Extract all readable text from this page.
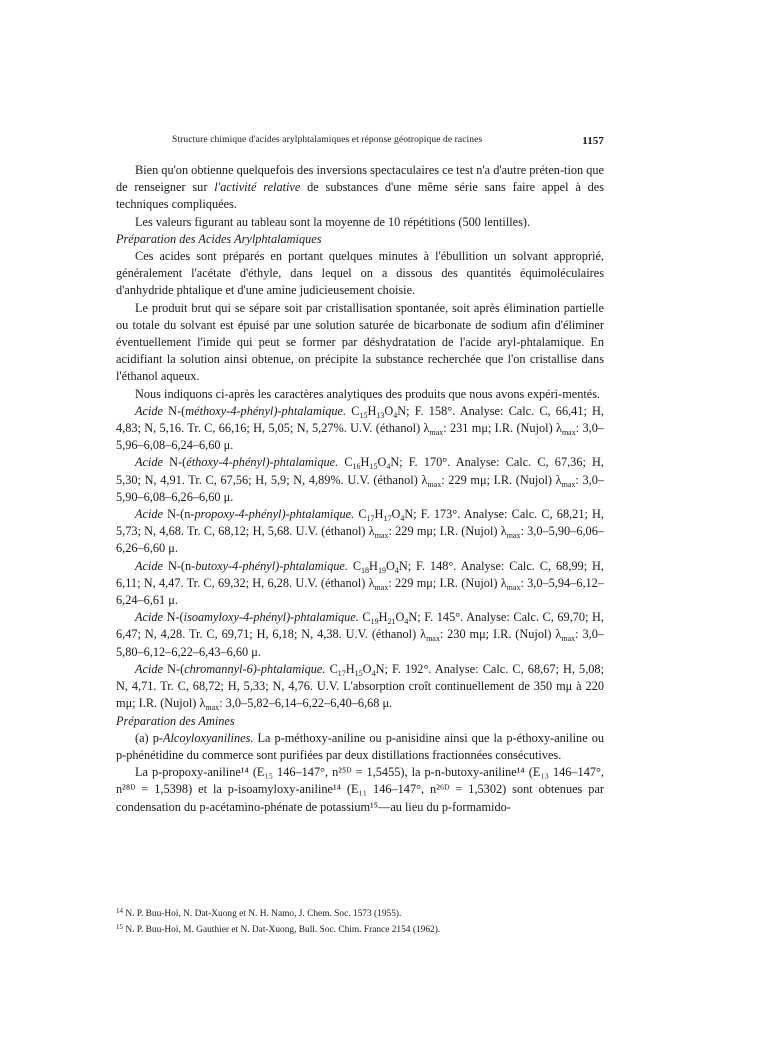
Structure chimique d'acides arylphtalamiques et réponse géotropique de racines	1157

Bien qu'on obtienne quelquefois des inversions spectaculaires ce test n'a d'autre préten-tion que de renseigner sur l'activité relative de substances d'une même série sans faire appel à des techniques compliquées.

Les valeurs figurant au tableau sont la moyenne de 10 répétitions (500 lentilles).

Préparation des Acides Arylphtalamiques

Ces acides sont préparés en portant quelques minutes à l'ébullition un solvant approprié, généralement l'acétate d'éthyle, dans lequel on a dissous des quantités équimoléculaires d'anhydride phtalique et d'une amine judicieusement choisie.

Le produit brut qui se sépare soit par cristallisation spontanée, soit après élimination partielle ou totale du solvant est épuisé par une solution saturée de bicarbonate de sodium afin d'éliminer éventuellement l'imide qui peut se former par déshydratation de l'acide aryl-phtalamique. En acidifiant la solution ainsi obtenue, on précipite la substance recherchée que l'on cristallise dans l'éthanol aqueux.

Nous indiquons ci-après les caractères analytiques des produits que nous avons expéri-mentés.

Acide N-(méthoxy-4-phényl)-phtalamique. $C_{15}H_{13}O_4N$; F. 158°. Analyse: Calc. C, 66,41; H, 4,83; N, 5,16. Tr. C, 66,16; H, 5,05; N, 5,27%. U.V. (éthanol) $\lambda_{max}$: 231 mμ; I.R. (Nujol) $\lambda_{max}$: 3,0–5,96–6,08–6,24–6,60 μ.

Acide N-(éthoxy-4-phényl)-phtalamique. $C_{16}H_{15}O_4N$; F. 170°. Analyse: Calc. C, 67,36; H, 5,30; N, 4,91. Tr. C, 67,56; H, 5,9; N, 4,89%. U.V. (éthanol) $\lambda_{max}$: 229 mμ; I.R. (Nujol) $\lambda_{max}$: 3,0–5,90–6,08–6,26–6,60 μ.

Acide N-(n-propoxy-4-phényl)-phtalamique. $C_{17}H_{17}O_4N$; F. 173°. Analyse: Calc. C, 68,21; H, 5,73; N, 4,68. Tr. C, 68,12; H, 5,68. U.V. (éthanol) $\lambda_{max}$: 229 mμ; I.R. (Nujol) $\lambda_{max}$: 3,0–5,90–6,06–6,26–6,60 μ.

Acide N-(n-butoxy-4-phényl)-phtalamique. $C_{18}H_{19}O_4N$; F. 148°. Analyse: Calc. C, 68,99; H, 6,11; N, 4,47. Tr. C, 69,32; H, 6,28. U.V. (éthanol) $\lambda_{max}$: 229 mμ; I.R. (Nujol) $\lambda_{max}$: 3,0–5,94–6,12–6,24–6,61 μ.

Acide N-(isoamyloxy-4-phényl)-phtalamique. $C_{19}H_{21}O_4N$; F. 145°. Analyse: Calc. C, 69,70; H, 6,47; N, 4,28. Tr. C, 69,71; H, 6,18; N, 4,38. U.V. (éthanol) $\lambda_{max}$: 230 mμ; I.R. (Nujol) $\lambda_{max}$: 3,0–5,80–6,12–6,22–6,43–6,60 μ.

Acide N-(chromannyl-6)-phtalamique. $C_{17}H_{15}O_4N$; F. 192°. Analyse: Calc. C, 68,67; H, 5,08; N, 4,71. Tr. C, 68,72; H, 5,33; N, 4,76. U.V. L'absorption croît continuellement de 350 mμ à 220 mμ; I.R. (Nujol) $\lambda_{max}$: 3,0–5,82–6,14–6,22–6,40–6,68 μ.

Préparation des Amines

(a) p-Alcoyloxyanilines. La p-méthoxy-aniline ou p-anisidine ainsi que la p-éthoxy-aniline ou p-phénétidine du commerce sont purifiées par deux distillations fractionnées consécutives.

La p-propoxy-aniline¹⁴ (E₁₅ 146–147°, n²⁵ᴰ = 1,5455), la p-n-butoxy-aniline¹⁴ (E₁₃ 146–147°, n²⁸ᴰ = 1,5398) et la p-isoamyloxy-aniline¹⁴ (E₁₁ 146–147°, n²⁶ᴰ = 1,5302) sont obtenues par condensation du p-acétamino-phénate de potassium¹⁵—au lieu du p-formamido-

$^{14}$ N. P. Buu-Hoï, N. Dat-Xuong et N. H. Namo, J. Chem. Soc. 1573 (1955).

$^{15}$ N. P. Buu-Hoï, M. Gauthier et N. Dat-Xuong, Bull. Soc. Chim. France 2154 (1962).
